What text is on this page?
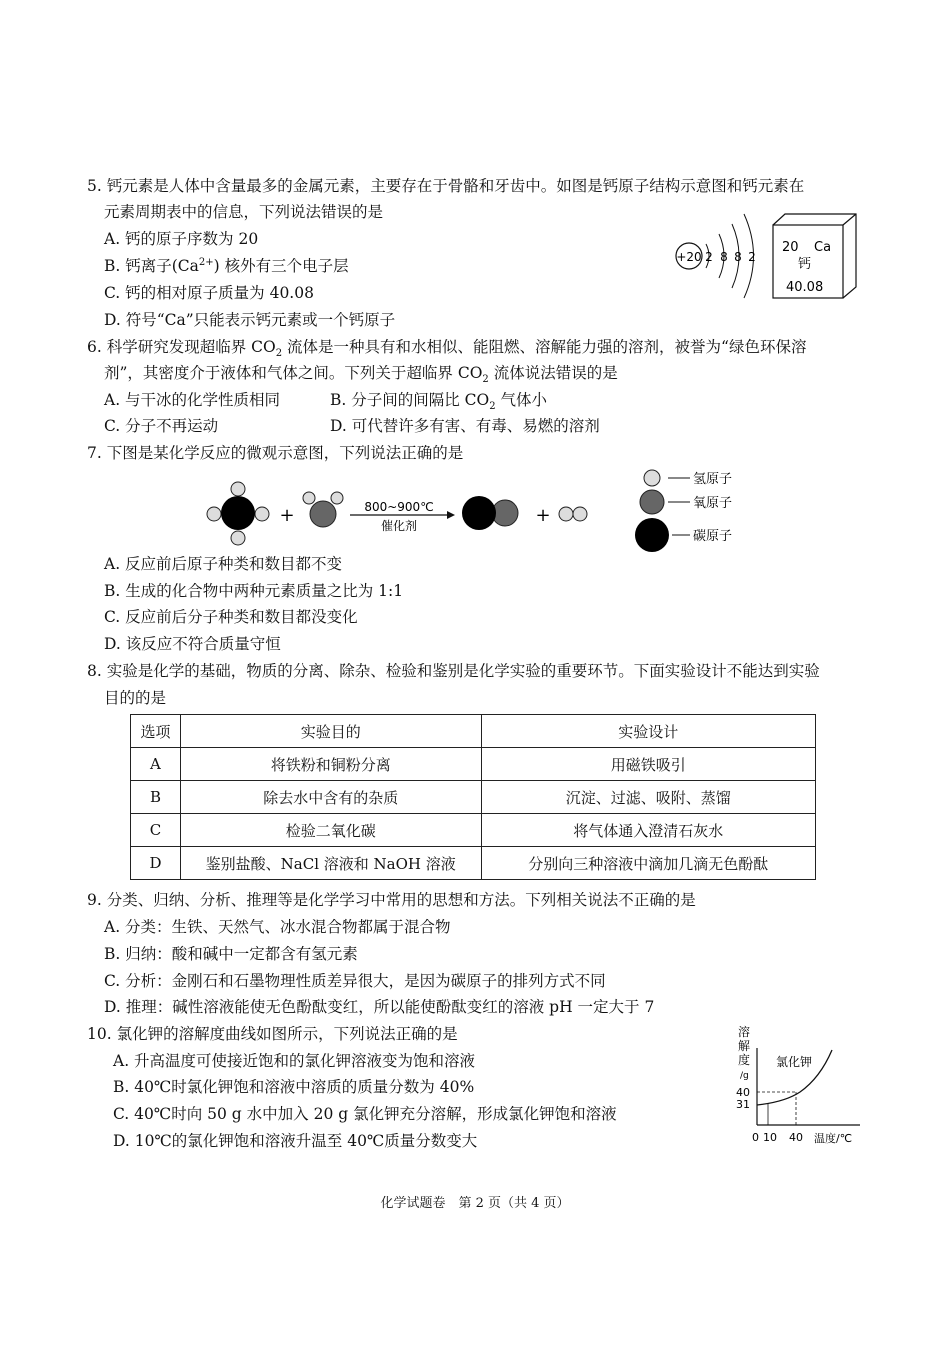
5. 钙元素是人体中含量最多的金属元素，主要存在于骨骼和牙齿中。如图是钙原子结构示意图和钙元素在
元素周期表中的信息，下列说法错误的是
A. 钙的原子序数为 20
B. 钙离子$(Ca^{2+})$ 核外有三个电子层
C. 钙的相对原子质量为 40.08
D. 符号“Ca”只能表示钙元素或一个钙原子
+20 2 8 8 2
20 Ca
钙
40.08
6. 科学研究发现超临界 $CO_2$ 流体是一种具有和水相似、能阻燃、溶解能力强的溶剂，被誉为“绿色环保溶
剂”，其密度介于液体和气体之间。下列关于超临界 $CO_2$ 流体说法错误的是
A. 与干冰的化学性质相同	B. 分子间的间隔比 $CO_2$ 气体小
C. 分子不再运动	D. 可代替许多有害、有毒、易燃的溶剂
7. 下图是某化学反应的微观示意图，下列说法正确的是
+	800~900℃
催化剂	+
氢原子
氧原子
碳原子
A. 反应前后原子种类和数目都不变
B. 生成的化合物中两种元素质量之比为 1:1
C. 反应前后分子种类和数目都没变化
D. 该反应不符合质量守恒
8. 实验是化学的基础，物质的分离、除杂、检验和鉴别是化学实验的重要环节。下面实验设计不能达到实验
目的的是
选项	实验目的	实验设计
A	将铁粉和铜粉分离	用磁铁吸引
B	除去水中含有的杂质	沉淀、过滤、吸附、蒸馏
C	检验二氧化碳	将气体通入澄清石灰水
D	鉴别盐酸、NaCl 溶液和 NaOH 溶液	分别向三种溶液中滴加几滴无色酚酞
9. 分类、归纳、分析、推理等是化学学习中常用的思想和方法。下列相关说法不正确的是
A. 分类：生铁、天然气、冰水混合物都属于混合物
B. 归纳：酸和碱中一定都含有氢元素
C. 分析：金刚石和石墨物理性质差异很大，是因为碳原子的排列方式不同
D. 推理：碱性溶液能使无色酚酞变红，所以能使酚酞变红的溶液 pH 一定大于 7
10. 氯化钾的溶解度曲线如图所示，下列说法正确的是
A. 升高温度可使接近饱和的氯化钾溶液变为饱和溶液
B. 40℃时氯化钾饱和溶液中溶质的质量分数为 40%
C. 40℃时向 50 g 水中加入 20 g 氯化钾充分溶解，形成氯化钾饱和溶液
D. 10℃的氯化钾饱和溶液升温至 40℃质量分数变大
溶
解
度
/g
氯化钾
40
31
0 10 40 温度/℃
化学试题卷　第 2 页（共 4 页）
